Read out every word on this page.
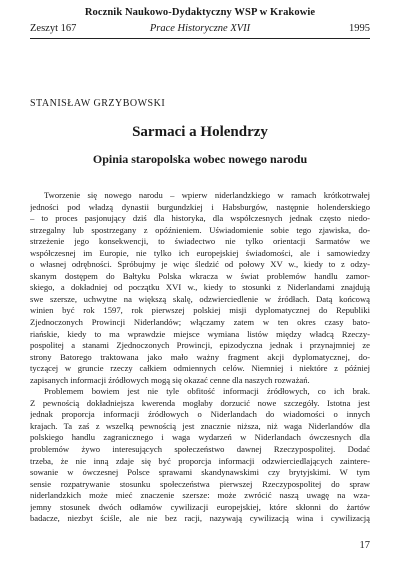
Rocznik Naukowo-Dydaktyczny WSP w Krakowie
Prace Historyczne XVII
Zeszyt 167	1995
STANISŁAW GRZYBOWSKI
Sarmaci a Holendrzy
Opinia staropolska wobec nowego narodu
Tworzenie się nowego narodu – wpierw niderlandzkiego w ramach krótkotrwałej
jedności pod władzą dynastii burgundzkiej i Habsburgów, następnie holenderskiego
– to proces pasjonujący dziś dla historyka, dla współczesnych jednak często niedo-
strzegalny lub spostrzegany z opóźnieniem. Uświadomienie sobie tego zjawiska, do-
strzeżenie jego konsekwencji, to świadectwo nie tylko orientacji Sarmatów we
współczesnej im Europie, nie tylko ich europejskiej świadomości, ale i samowiedzy
o własnej odrębności. Spróbujmy je więc śledzić od połowy XV w., kiedy to z odzy-
skanym dostępem do Bałtyku Polska wkracza w świat problemów handlu zamor-
skiego, a dokładniej od początku XVI w., kiedy to stosunki z Niderlandami znajdują
swe szersze, uchwytne na większą skalę, odzwierciedlenie w źródłach. Datą końcową
winien być rok 1597, rok pierwszej polskiej misji dyplomatycznej do Republiki
Zjednoczonych Prowincji Niderlandów; włączamy zatem w ten okres czasy bato-
riańskie, kiedy to ma wprawdzie miejsce wymiana listów między władcą Rzeczy-
pospolitej a stanami Zjednoczonych Prowincji, epizodyczna jednak i przynajmniej ze
strony Batorego traktowana jako mało ważny fragment akcji dyplomatycznej, do-
tyczącej w gruncie rzeczy całkiem odmiennych celów. Niemniej i niektóre z później
zapisanych informacji źródłowych mogą się okazać cenne dla naszych rozważań.
Problemem bowiem jest nie tyle obfitość informacji źródłowych, co ich brak.
Z pewnością dokładniejsza kwerenda mogłaby dorzucić nowe szczegóły. Istotna jest
jednak proporcja informacji źródłowych o Niderlandach do wiadomości o innych
krajach. Ta zaś z wszelką pewnością jest znacznie niższa, niż waga Niderlandów dla
polskiego handlu zagranicznego i waga wydarzeń w Niderlandach ówczesnych dla
problemów żywo interesujących społeczeństwo dawnej Rzeczypospolitej. Dodać
trzeba, że nie inną zdaje się być proporcja informacji odzwierciedlających zaintere-
sowanie w ówczesnej Polsce sprawami skandynawskimi czy brytyjskimi. W tym
sensie rozpatrywanie stosunku społeczeństwa pierwszej Rzeczypospolitej do spraw
niderlandzkich może mieć znaczenie szersze: może zwrócić naszą uwagę na wza-
jemny stosunek dwóch odłamów cywilizacji europejskiej, które skłonni do żartów
badacze, niezbyt ściśle, ale nie bez racji, nazywają cywilizacją wina i cywilizacją
17
